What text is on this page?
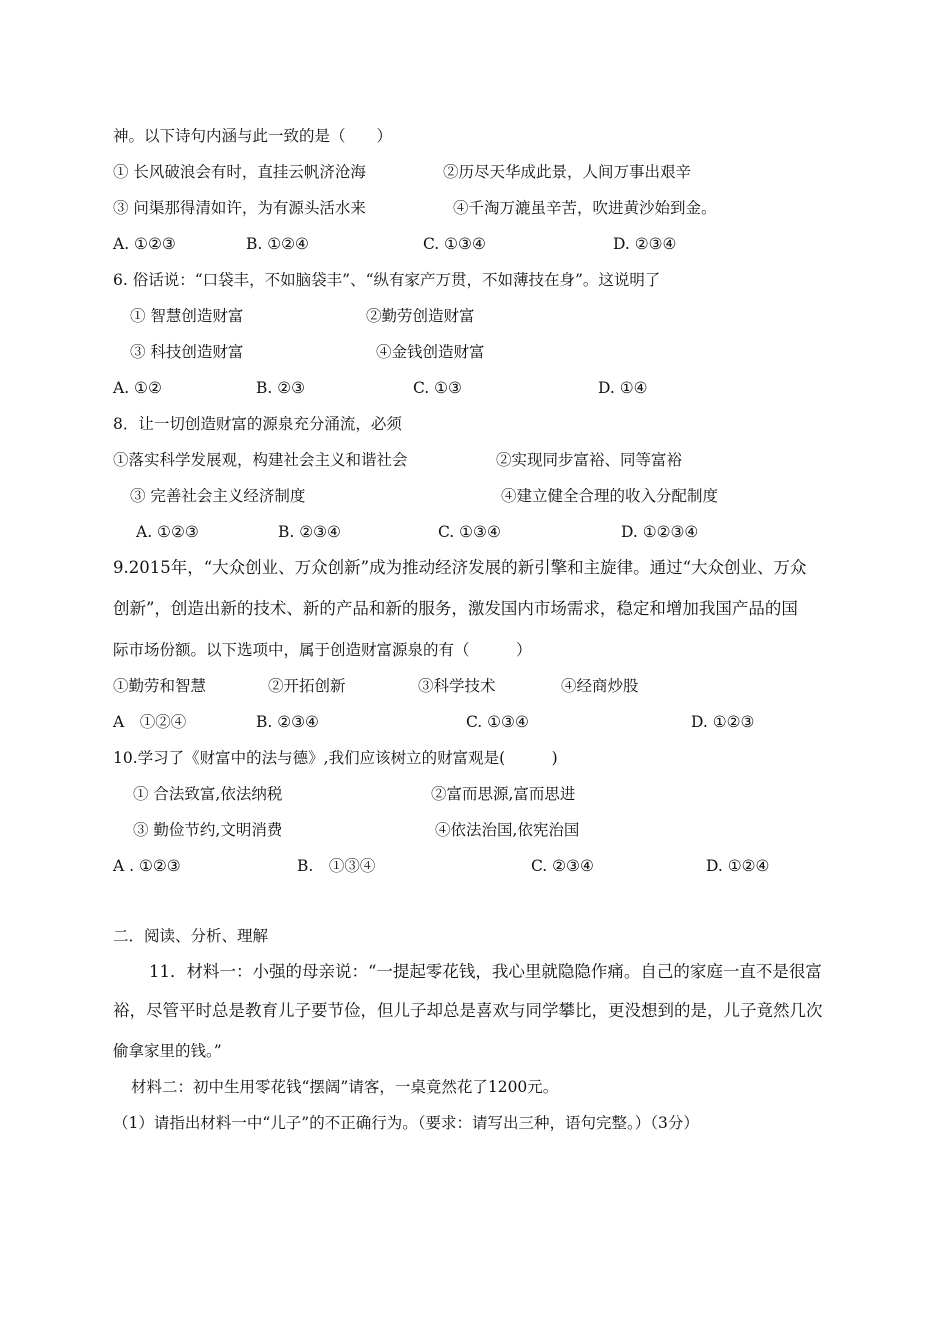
神。以下诗句内涵与此一致的是（　　）
① 长风破浪会有时，直挂云帆济沧海	②历尽天华成此景，人间万事出艰辛
③ 问渠那得清如许，为有源头活水来	④千淘万漉虽辛苦，吹进黄沙始到金。
A. ①②③	B. ①②④	C. ①③④	D. ②③④
6. 俗话说：“口袋丰，不如脑袋丰”、“纵有家产万贯，不如薄技在身”。这说明了
① 智慧创造财富	②勤劳创造财富
③ 科技创造财富	④金钱创造财富
A. ①②	B. ②③	C. ①③	D. ①④
8．让一切创造财富的源泉充分涌流，必须
①落实科学发展观，构建社会主义和谐社会	②实现同步富裕、同等富裕
③ 完善社会主义经济制度	④建立健全合理的收入分配制度
A. ①②③	B. ②③④	C. ①③④	D. ①②③④
9.2015年，“大众创业、万众创新”成为推动经济发展的新引擎和主旋律。通过“大众创业、万众
创新”，创造出新的技术、新的产品和新的服务，激发国内市场需求，稳定和增加我国产品的国
际市场份额。以下选项中，属于创造财富源泉的有（　　　）
①勤劳和智慧	②开拓创新	③科学技术	④经商炒股
A　①②④	B. ②③④	C. ①③④	D. ①②③
10.学习了《财富中的法与德》,我们应该树立的财富观是(　　　)
① 合法致富,依法纳税	②富而思源,富而思进
③ 勤俭节约,文明消费	④依法治国,依宪治国
A . ①②③	B.　①③④	C. ②③④	D. ①②④
二．阅读、分析、理解
11．材料一：小强的母亲说：“一提起零花钱，我心里就隐隐作痛。自己的家庭一直不是很富
裕，尽管平时总是教育儿子要节俭，但儿子却总是喜欢与同学攀比，更没想到的是，儿子竟然几次
偷拿家里的钱。”
材料二：初中生用零花钱“摆阔”请客，一桌竟然花了1200元。
（1）请指出材料一中“儿子”的不正确行为。（要求：请写出三种，语句完整。）（3分）
